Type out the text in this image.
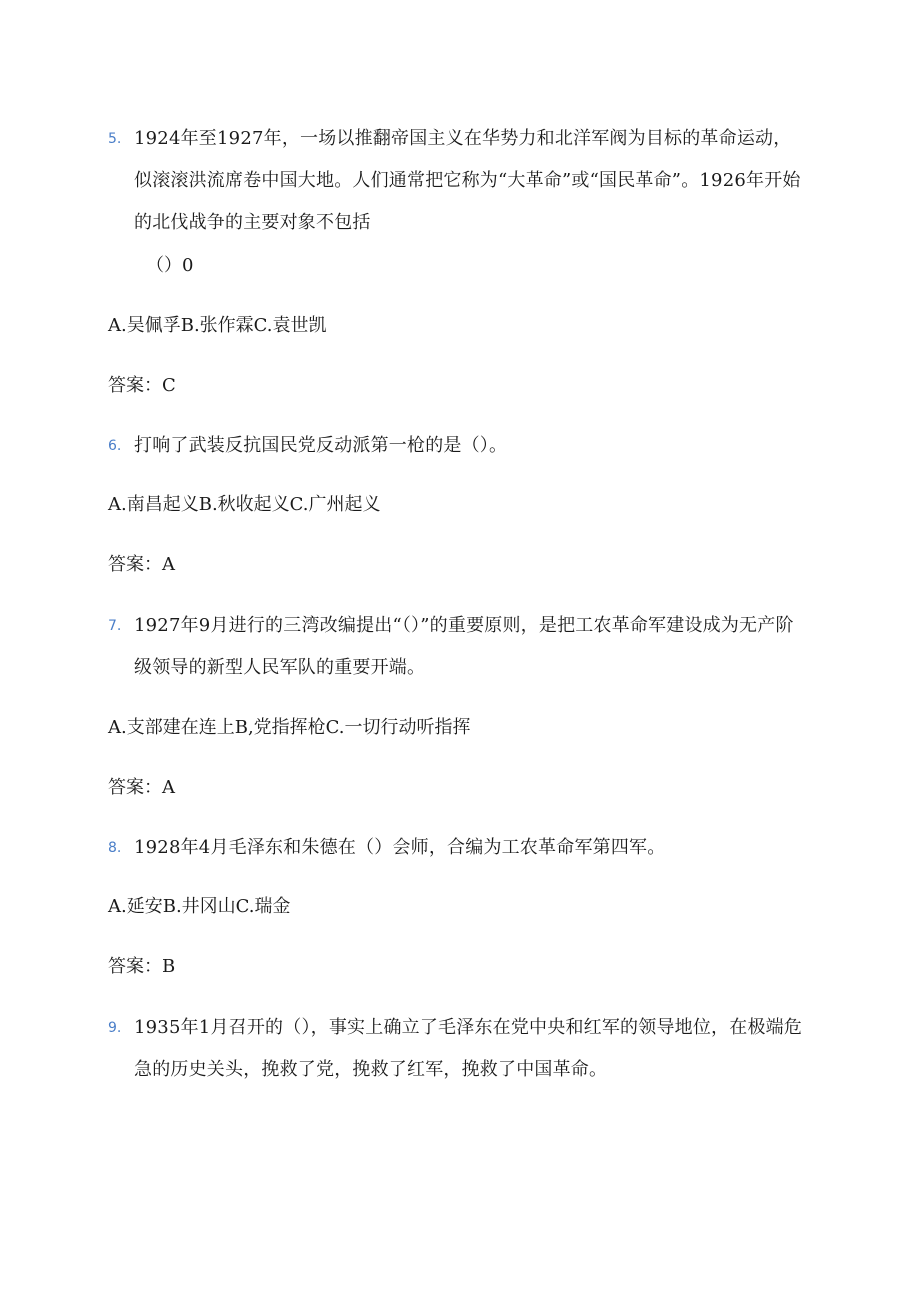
5. 1924年至1927年，一场以推翻帝国主义在华势力和北洋军阀为目标的革命运动，似滚滚洪流席卷中国大地。人们通常把它称为“大革命”或“国民革命”。1926年开始的北伐战争的主要对象不包括
（）0
A.吴佩孚B.张作霖C.袁世凯
答案：C
6. 打响了武装反抗国民党反动派第一枪的是（）。
A.南昌起义B.秋收起义C.广州起义
答案：A
7. 1927年9月进行的三湾改编提出“（）”的重要原则，是把工农革命军建设成为无产阶级领导的新型人民军队的重要开端。
A.支部建在连上B,党指挥枪C.一切行动听指挥
答案：A
8. 1928年4月毛泽东和朱德在（）会师，合编为工农革命军第四军。
A.延安B.井冈山C.瑞金
答案：B
9. 1935年1月召开的（），事实上确立了毛泽东在党中央和红军的领导地位，在极端危急的历史关头，挽救了党，挽救了红军，挽救了中国革命。
